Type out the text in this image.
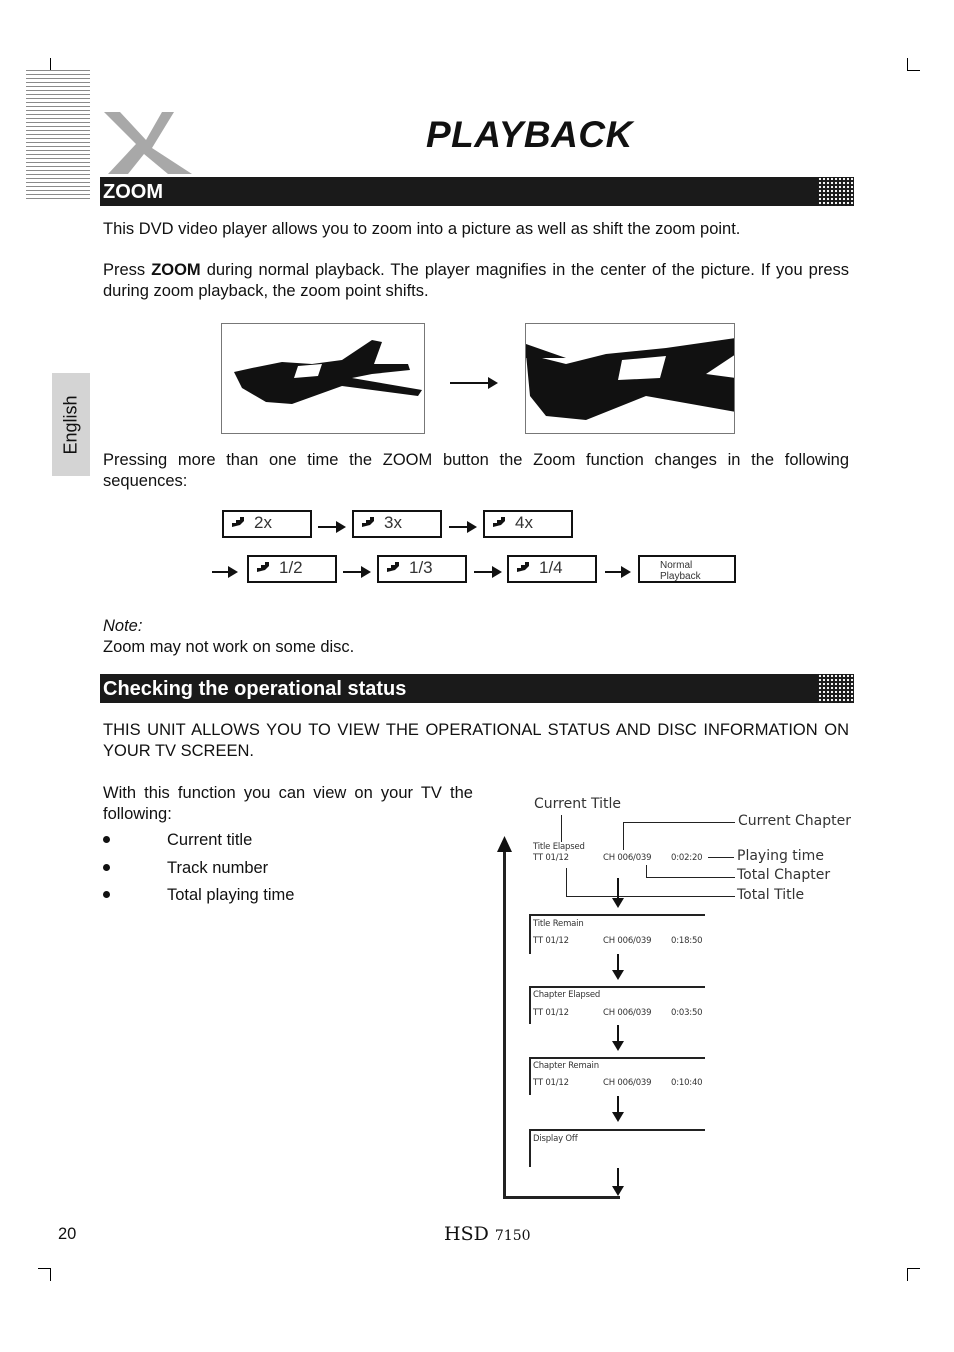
PLAYBACK
English
ZOOM
This DVD video player allows you to zoom into a picture as well as shift the zoom point.
Press ZOOM during normal playback. The player magnifies in the center of the picture. If you press during zoom playback, the zoom point shifts.
Pressing more than one time the ZOOM button the Zoom function changes in the following sequences:
2x	3x	4x
1/2	1/3	1/4	Normal
Playback
Note:
Zoom may not work on some disc.
Checking the operational status
THIS UNIT ALLOWS YOU TO VIEW THE OPERATIONAL STATUS AND DISC INFORMATION ON YOUR TV SCREEN.
With this function you can view on your TV the following:
Current title
Track number
Total playing time
Current Title
Current Chapter
Playing time
Total Chapter
Total Title
Title Elapsed
TT 01/12	CH 006/039 0:02:20
Title Remain
TT 01/12	CH 006/039 0:18:50
Chapter Elapsed
TT 01/12	CH 006/039 0:03:50
Chapter Remain
TT 01/12	CH 006/039 0:10:40
Display Off
20	HSD 7150
